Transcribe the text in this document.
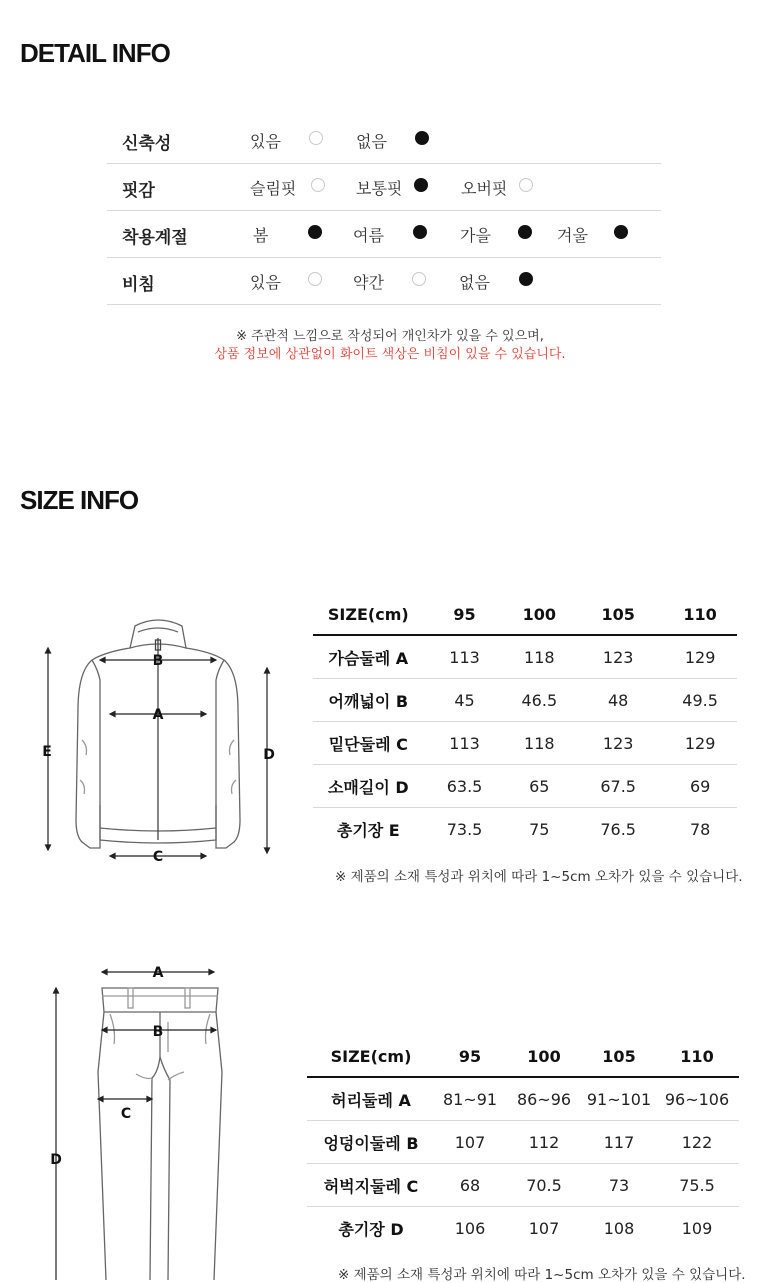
DETAIL INFO
신축성	있음	없음
핏감	슬림핏	보통핏	오버핏
착용계절	봄	여름	가을	겨울
비침	있음	약간	없음
※ 주관적 느낌으로 작성되어 개인차가 있을 수 있으며,
상품 정보에 상관없이 화이트 색상은 비침이 있을 수 있습니다.
SIZE INFO
B
A
C
E	D
SIZE(cm)	95	100	105	110
가슴둘레 A	113	118	123	129
어깨넓이 B	45	46.5	48	49.5
밑단둘레 C	113	118	123	129
소매길이 D	63.5	65	67.5	69
총기장 E	73.5	75	76.5	78
※ 제품의 소재 특성과 위치에 따라 1~5cm 오차가 있을 수 있습니다.
A
B
C
D
SIZE(cm)	95	100	105	110
허리둘레 A	81~91	86~96	91~101	96~106
엉덩이둘레 B	107	112	117	122
허벅지둘레 C	68	70.5	73	75.5
총기장 D	106	107	108	109
※ 제품의 소재 특성과 위치에 따라 1~5cm 오차가 있을 수 있습니다.
